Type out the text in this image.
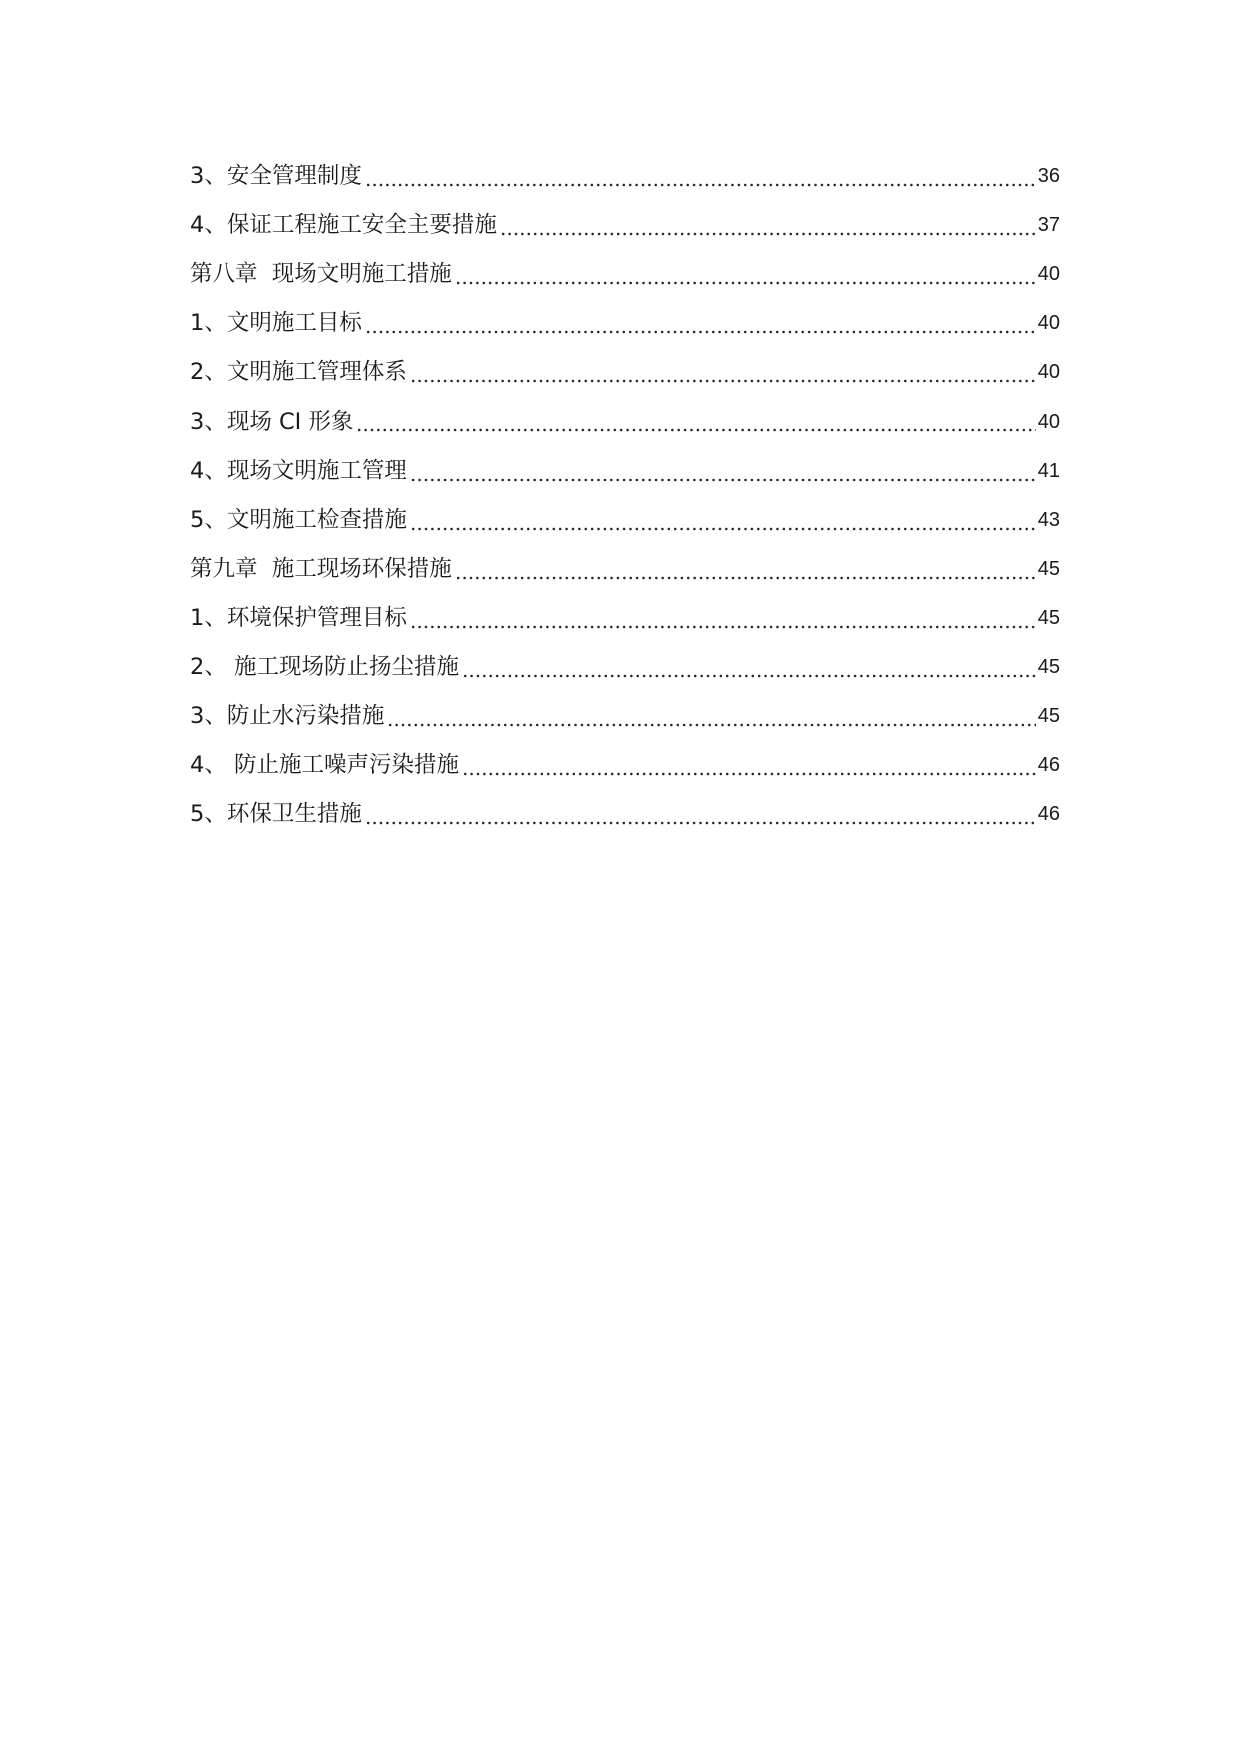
3、安全管理制度	36
4、保证工程施工安全主要措施	37
第八章  现场文明施工措施	40
1、文明施工目标	40
2、文明施工管理体系	40
3、现场 CI 形象	40
4、现场文明施工管理	41
5、文明施工检查措施	43
第九章  施工现场环保措施	45
1、环境保护管理目标	45
2、 施工现场防止扬尘措施	45
3、防止水污染措施	45
4、 防止施工噪声污染措施	46
5、环保卫生措施	46
